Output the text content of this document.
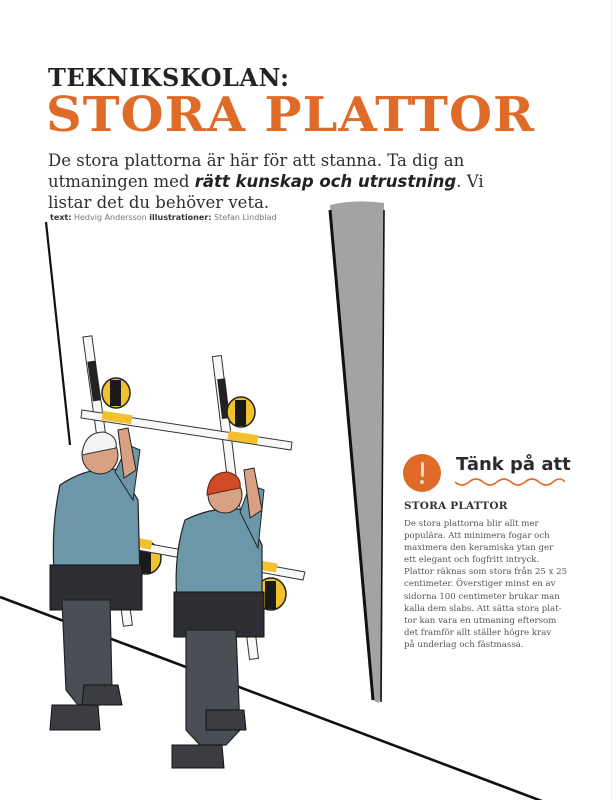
TEKNIKSKOLAN:
STORA PLATTOR
De stora plattorna är här för att stanna. Ta dig an utmaningen med rätt kunskap och utrustning. Vi listar det du behöver veta.
text: Hedvig Andersson illustrationer: Stefan Lindblad
Tänk på att
STORA PLATTOR
De stora plattorna blir allt mer
populära. Att minimera fogar och
maximera den keramiska ytan ger
ett elegant och fogfritt intryck.
Plattor räknas som stora från 25 x 25
centimeter. Överstiger minst en av
sidorna 100 centimeter brukar man
kalla dem slabs. Att sätta stora plat-
tor kan vara en utmaning eftersom
det framför allt ställer högre krav
på underlag och fästmassa.
